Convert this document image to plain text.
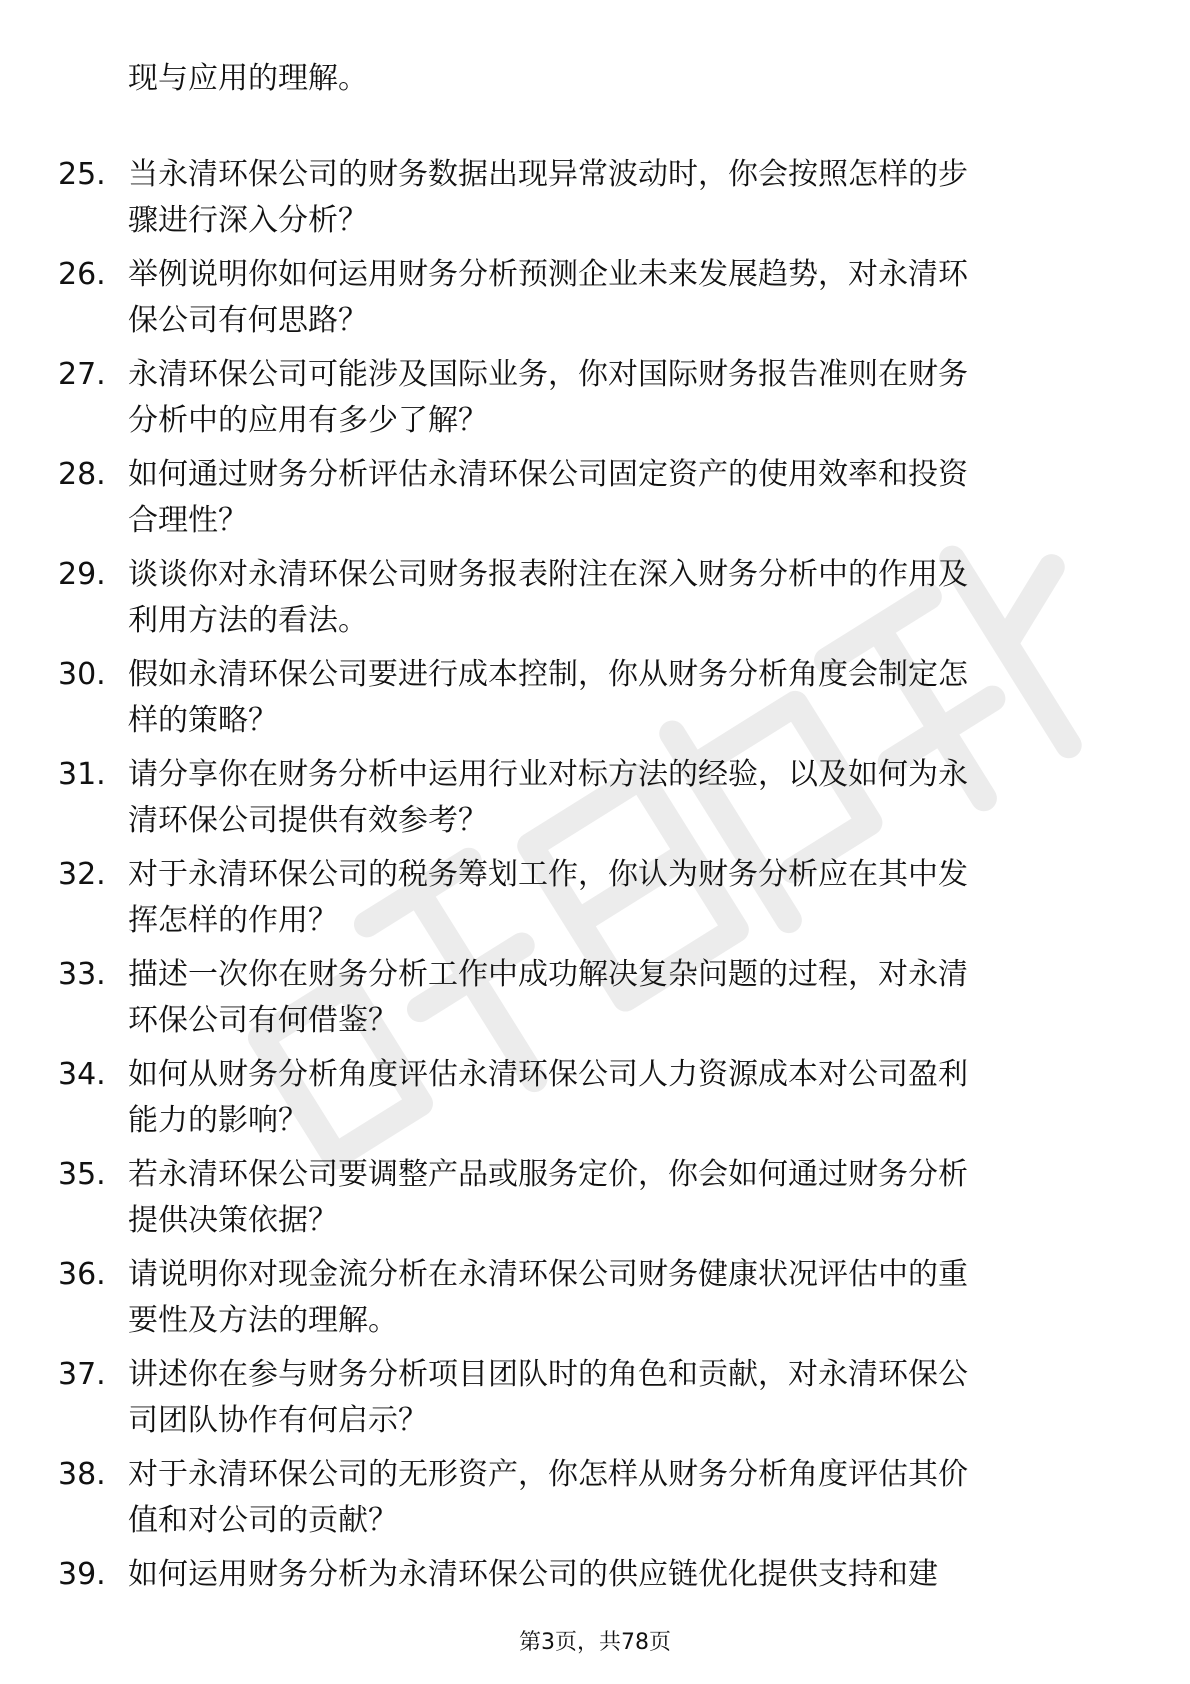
现与应用的理解。
25. 当永清环保公司的财务数据出现异常波动时，你会按照怎样的步
骤进行深入分析？
26. 举例说明你如何运用财务分析预测企业未来发展趋势，对永清环
保公司有何思路？
27. 永清环保公司可能涉及国际业务，你对国际财务报告准则在财务
分析中的应用有多少了解？
28. 如何通过财务分析评估永清环保公司固定资产的使用效率和投资
合理性？
29. 谈谈你对永清环保公司财务报表附注在深入财务分析中的作用及
利用方法的看法。
30. 假如永清环保公司要进行成本控制，你从财务分析角度会制定怎
样的策略？
31. 请分享你在财务分析中运用行业对标方法的经验，以及如何为永
清环保公司提供有效参考？
32. 对于永清环保公司的税务筹划工作，你认为财务分析应在其中发
挥怎样的作用？
33. 描述一次你在财务分析工作中成功解决复杂问题的过程，对永清
环保公司有何借鉴？
34. 如何从财务分析角度评估永清环保公司人力资源成本对公司盈利
能力的影响？
35. 若永清环保公司要调整产品或服务定价，你会如何通过财务分析
提供决策依据？
36. 请说明你对现金流分析在永清环保公司财务健康状况评估中的重
要性及方法的理解。
37. 讲述你在参与财务分析项目团队时的角色和贡献，对永清环保公
司团队协作有何启示？
38. 对于永清环保公司的无形资产，你怎样从财务分析角度评估其价
值和对公司的贡献？
39. 如何运用财务分析为永清环保公司的供应链优化提供支持和建
第3页，共78页
